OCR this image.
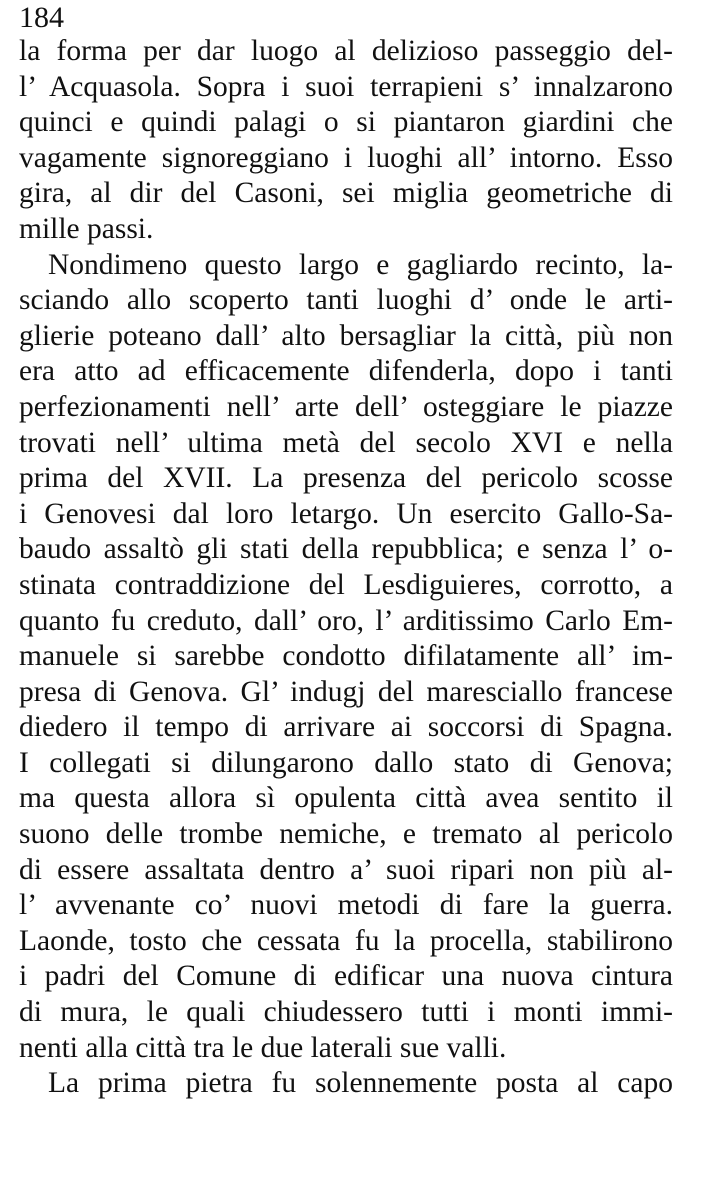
184

la forma per dar luogo al delizioso passeggio del-
l’ Acquasola. Sopra i suoi terrapieni s’ innalzarono
quinci e quindi palagi o si piantaron giardini che
vagamente signoreggiano i luoghi all’ intorno. Esso
gira, al dir del Casoni, sei miglia geometriche di
mille passi.
Nondimeno questo largo e gagliardo recinto, la-
sciando allo scoperto tanti luoghi d’ onde le arti-
glierie poteano dall’ alto bersagliar la città, più non
era atto ad efficacemente difenderla, dopo i tanti
perfezionamenti nell’ arte dell’ osteggiare le piazze
trovati nell’ ultima metà del secolo XVI e nella
prima del XVII. La presenza del pericolo scosse
i Genovesi dal loro letargo. Un esercito Gallo-Sa-
baudo assaltò gli stati della repubblica; e senza l’ o-
stinata contraddizione del Lesdiguieres, corrotto, a
quanto fu creduto, dall’ oro, l’ arditissimo Carlo Em-
manuele si sarebbe condotto difilatamente all’ im-
presa di Genova. Gl’ indugj del maresciallo francese
diedero il tempo di arrivare ai soccorsi di Spagna.
I collegati si dilungarono dallo stato di Genova;
ma questa allora sì opulenta città avea sentito il
suono delle trombe nemiche, e tremato al pericolo
di essere assaltata dentro a’ suoi ripari non più al-
l’ avvenante co’ nuovi metodi di fare la guerra.
Laonde, tosto che cessata fu la procella, stabilirono
i padri del Comune di edificar una nuova cintura
di mura, le quali chiudessero tutti i monti immi-
nenti alla città tra le due laterali sue valli.
La prima pietra fu solennemente posta al capo
